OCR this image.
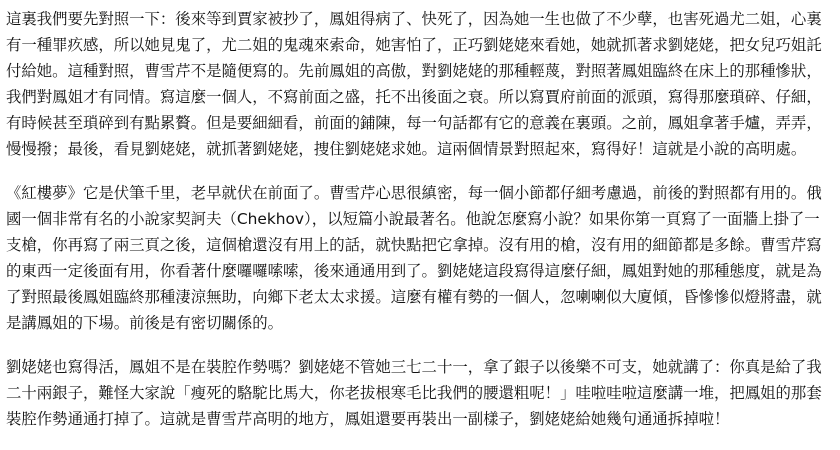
這裏我們要先對照一下：後來等到賈家被抄了，鳳姐得病了、快死了，因為她一生也做了不少孽，也害死過尤二姐，心裏
有一種罪疚感，所以她見鬼了，尤二姐的鬼魂來索命，她害怕了，正巧劉姥姥來看她，她就抓著求劉姥姥，把女兒巧姐託
付給她。這種對照，曹雪芹不是隨便寫的。先前鳳姐的高傲，對劉姥姥的那種輕蔑，對照著鳳姐臨終在床上的那種慘狀，
我們對鳳姐才有同情。寫這麼一個人，不寫前面之盛，托不出後面之衰。所以寫賈府前面的派頭，寫得那麼瑣碎、仔細，
有時候甚至瑣碎到有點累贅。但是要細細看，前面的鋪陳，每一句話都有它的意義在裏頭。之前，鳳姐拿著手爐，弄弄，
慢慢撥；最後，看見劉姥姥，就抓著劉姥姥，捜住劉姥姥求她。這兩個情景對照起來，寫得好！這就是小說的高明處。
《紅樓夢》它是伏筆千里，老早就伏在前面了。曹雪芹心思很縝密，每一個小節都仔細考慮過，前後的對照都有用的。俄
國一個非常有名的小說家契訶夫（Chekhov），以短篇小說最著名。他說怎麼寫小說？如果你第一頁寫了一面牆上掛了一
支槍，你再寫了兩三頁之後，這個槍還沒有用上的話，就快點把它拿掉。沒有用的槍，沒有用的細節都是多餘。曹雪芹寫
的東西一定後面有用，你看著什麼囉囉嗦嗦，後來通通用到了。劉姥姥這段寫得這麼仔細，鳳姐對她的那種態度，就是為
了對照最後鳳姐臨終那種淒涼無助，向鄉下老太太求援。這麼有權有勢的一個人，忽喇喇似大廈傾，昏慘慘似燈將盡，就
是講鳳姐的下場。前後是有密切關係的。
劉姥姥也寫得活，鳳姐不是在裝腔作勢嗎？劉姥姥不管她三七二十一，拿了銀子以後樂不可支，她就講了：你真是給了我
二十兩銀子，難怪大家說「瘦死的駱駝比馬大，你老拔根寒毛比我們的腰還粗呢！」哇啦哇啦這麼講一堆，把鳳姐的那套
裝腔作勢通通打掉了。這就是曹雪芹高明的地方，鳳姐還要再裝出一副樣子，劉姥姥給她幾句通通拆掉啦！
